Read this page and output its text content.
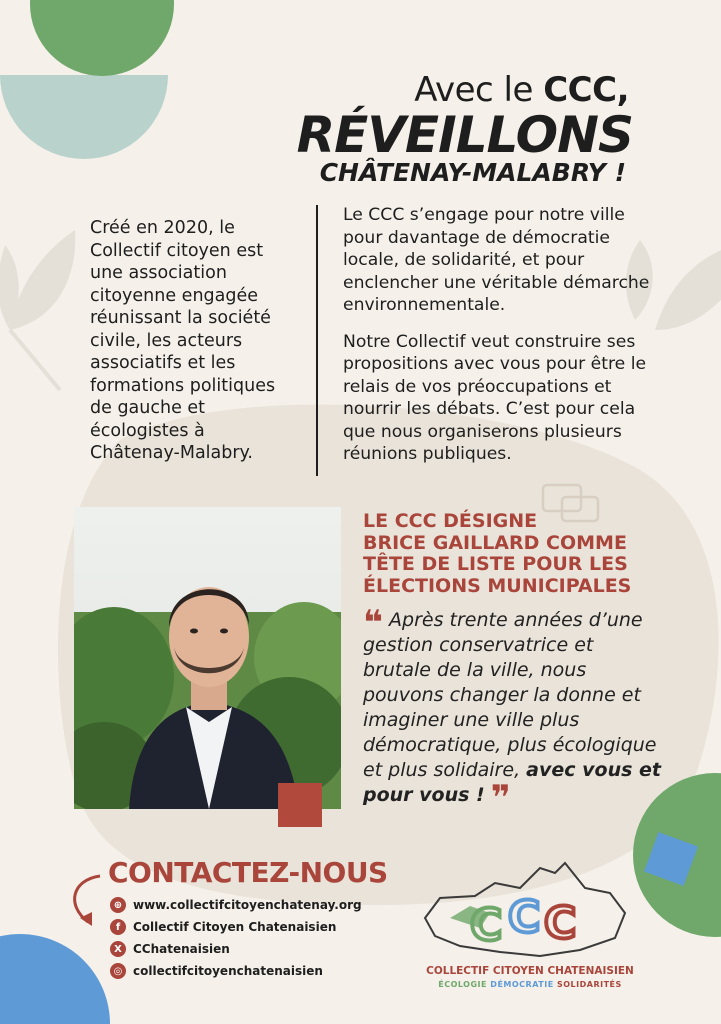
Avec le CCC,
RÉVEILLONS
CHÂTENAY-MALABRY !
Créé en 2020, le Collectif citoyen est une association citoyenne engagée réunissant la société civile, les acteurs associatifs et les formations politiques de gauche et écologistes à Châtenay-Malabry.

Le CCC s’engage pour notre ville pour davantage de démocratie locale, de solidarité, et pour enclencher une véritable démarche environnementale.

Notre Collectif veut construire ses propositions avec vous pour être le relais de vos préoccupations et nourrir les débats. C’est pour cela que nous organiserons plusieurs réunions publiques.

LE CCC DÉSIGNE
BRICE GAILLARD COMME
TÊTE DE LISTE POUR LES ÉLECTIONS MUNICIPALES
❝ Après trente années d’une gestion conservatrice et brutale de la ville, nous pouvons changer la donne et imaginer une ville plus démocratique, plus écologique et plus solidaire, avec vous et pour vous ! ❞
CONTACTEZ-NOUS
⊕ www.collectifcitoyenchatenay.org
f	Collectif Citoyen Chatenaisien
X CChatenaisien
◎ collectifcitoyenchatenaisien
C C C
COLLECTIF CITOYEN CHATENAISIEN
ÉCOLOGIE DÉMOCRATIE SOLIDARITÉS
